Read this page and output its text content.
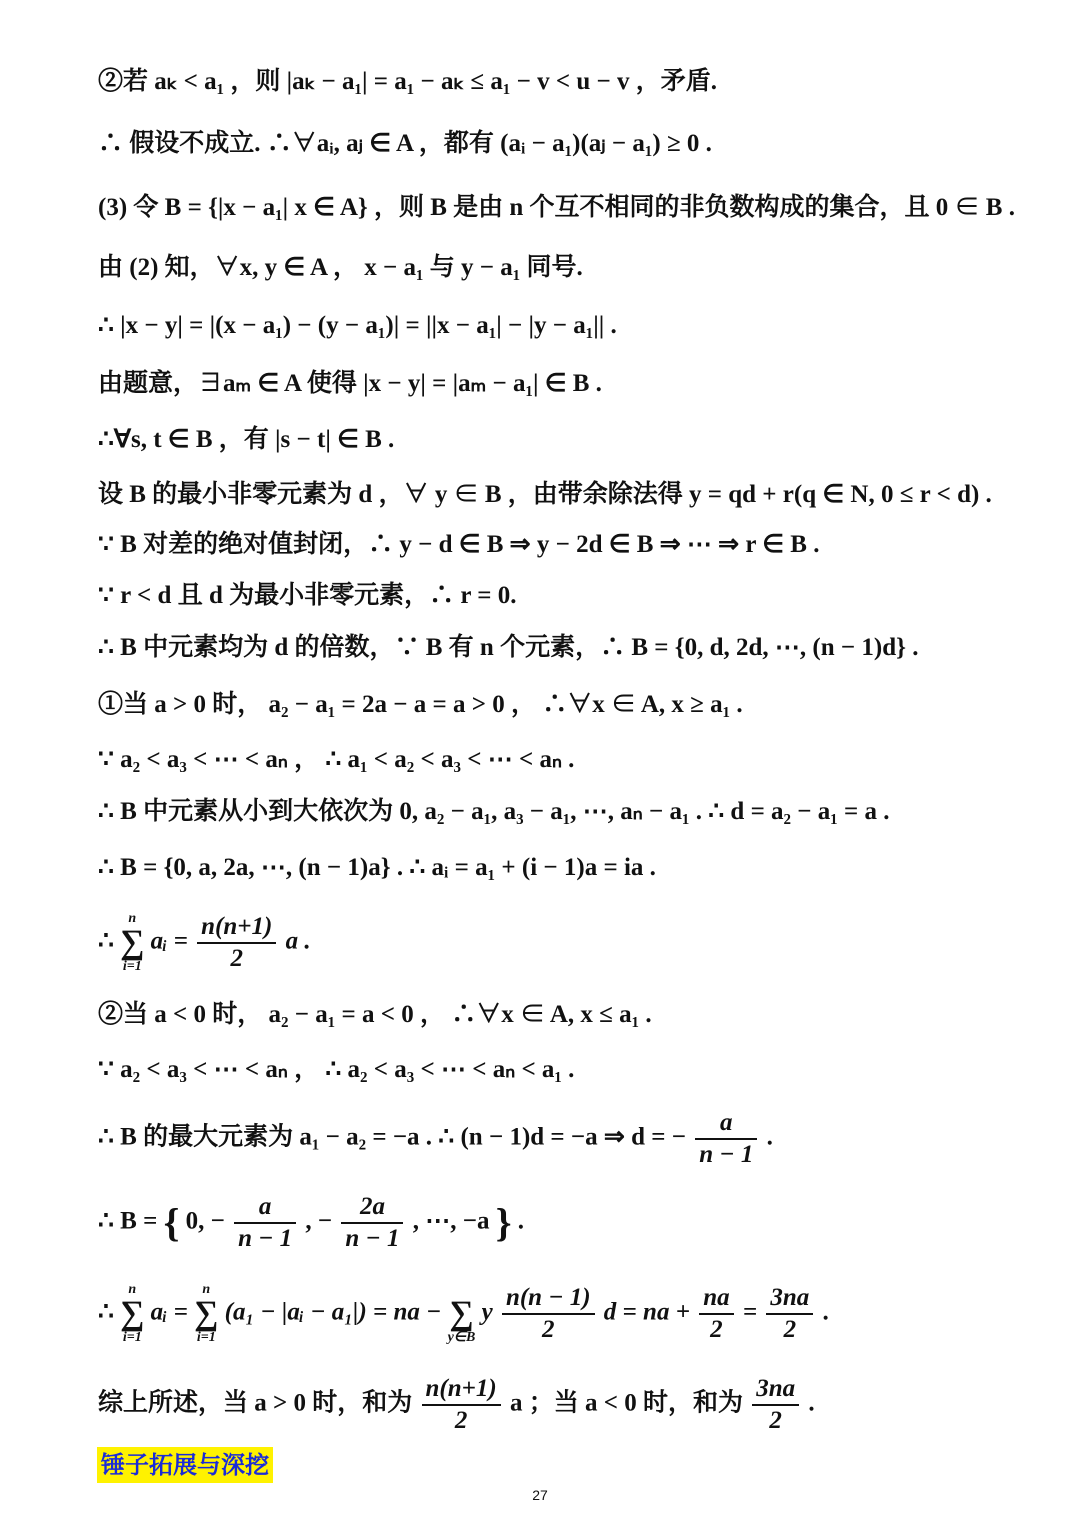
②若 aₖ < a₁ ，则 |aₖ − a₁| = a₁ − aₖ ≤ a₁ − v < u − v ，矛盾.
∴ 假设不成立. ∴∀aᵢ, aⱼ ∈ A ，都有 (aᵢ − a₁)(aⱼ − a₁) ≥ 0 .
(3) 令 B = {|x − a₁| x ∈ A} ，则 B 是由 n 个互不相同的非负数构成的集合，且 0 ∈ B .
由 (2) 知，∀x, y ∈ A ， x − a₁ 与 y − a₁ 同号.
∴ |x − y| = |(x − a₁) − (y − a₁)| = ||x − a₁| − |y − a₁|| .
由题意，∃aₘ ∈ A 使得 |x − y| = |aₘ − a₁| ∈ B .
∴∀s, t ∈ B ，有 |s − t| ∈ B .
设 B 的最小非零元素为 d ，∀ y ∈ B ，由带余除法得 y = qd + r(q ∈ N, 0 ≤ r < d) .
∵ B 对差的绝对值封闭，∴ y − d ∈ B ⇒ y − 2d ∈ B ⇒ ⋯ ⇒ r ∈ B .
∵ r < d 且 d 为最小非零元素，∴ r = 0.
∴ B 中元素均为 d 的倍数，∵ B 有 n 个元素，∴ B = {0, d, 2d, ⋯, (n − 1)d} .
①当 a > 0 时， a₂ − a₁ = 2a − a = a > 0 ， ∴∀x ∈ A, x ≥ a₁ .
∵ a₂ < a₃ < ⋯ < aₙ ， ∴ a₁ < a₂ < a₃ < ⋯ < aₙ .
∴ B 中元素从小到大依次为 0, a₂ − a₁, a₃ − a₁, ⋯, aₙ − a₁ . ∴ d = a₂ − a₁ = a .
∴ B = {0, a, 2a, ⋯, (n − 1)a} . ∴ aᵢ = a₁ + (i − 1)a = ia .
∴
n
∑
i=1
aᵢ = $\frac{n(n+1)}{2}$ a .
②当 a < 0 时， a₂ − a₁ = a < 0 ， ∴∀x ∈ A, x ≤ a₁ .
∵ a₂ < a₃ < ⋯ < aₙ ， ∴ a₂ < a₃ < ⋯ < aₙ < a₁ .
∴ B 的最大元素为 a₁ − a₂ = −a . ∴ (n − 1)d = −a ⇒ d = − $\frac{a}{n - 1}$ .
∴ B = { 0, − $\frac{a}{n - 1}$ , − $\frac{2a}{n - 1}$ , ⋯, −a } .
∴
n
∑
i=1
aᵢ =
n
∑
i=1
(a₁ − |aᵢ − a₁|) = na −
∑
y∈B
y $\frac{n(n - 1)}{2}$ d = na + $\frac{na}{2} = \frac{3na}{2}$ .
综上所述，当 a > 0 时，和为 $\frac{n(n+1)}{2}$ a ；当 a < 0 时，和为 $\frac{3na}{2}$ .
锤子拓展与深挖
27
